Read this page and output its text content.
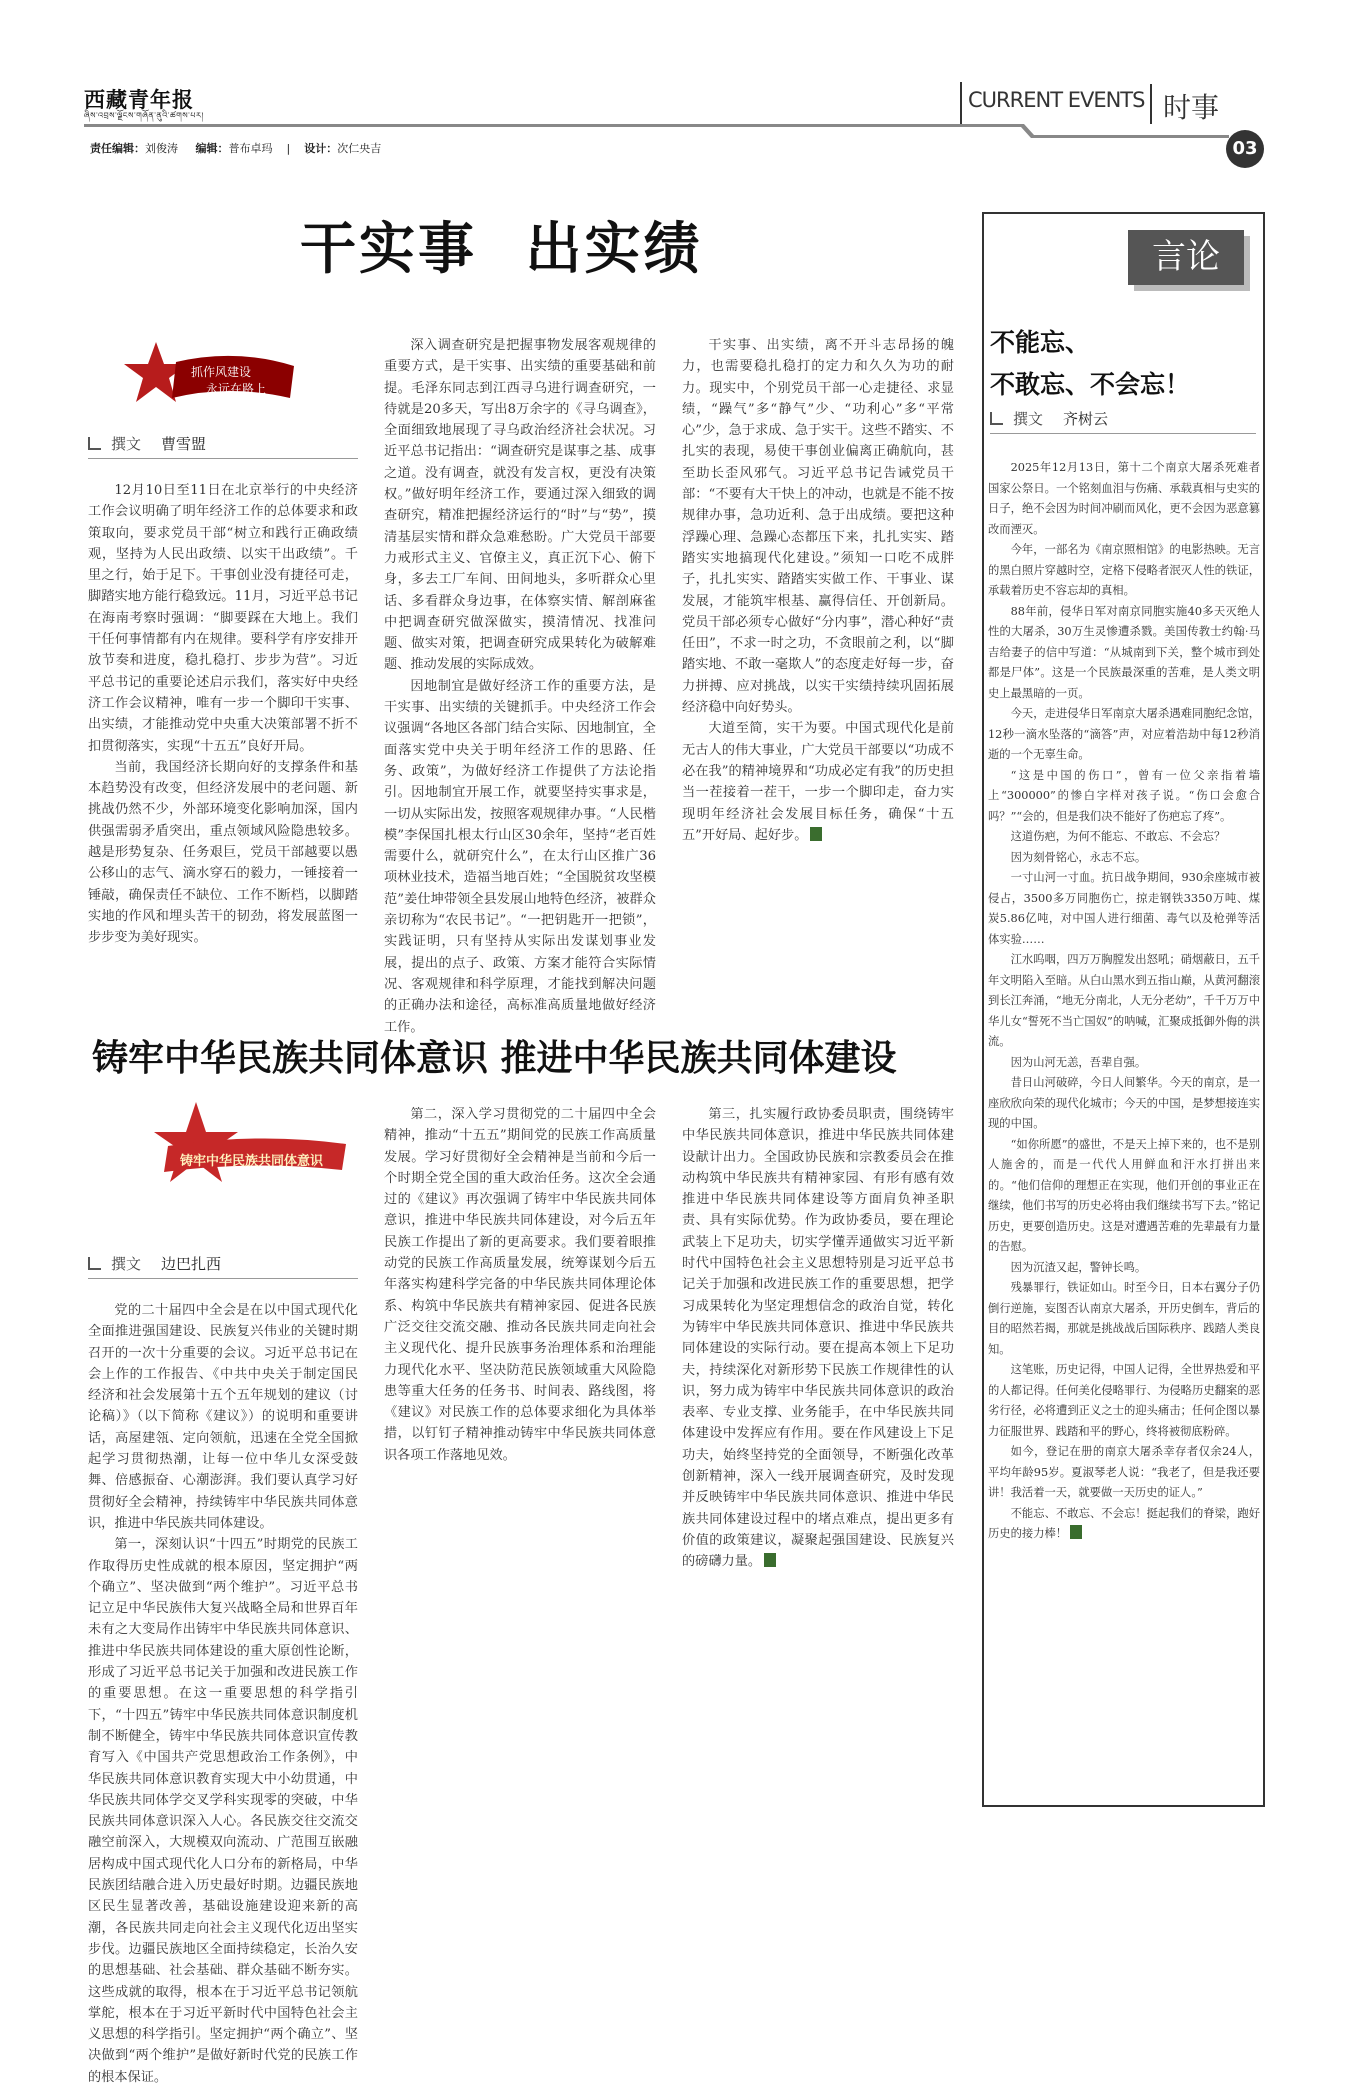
西藏青年报
ཞིས་འབྲས་ལྗོངས་གཞོན་ནུའི་ཚགས་པར།
CURRENT EVENTS 时事
责任编辑：刘俊涛 编辑：普布卓玛 | 设计：次仁央吉	03
干实事 出实绩
抓作风建设
永远在路上
撰文 曹雪盟

12月10日至11日在北京举行的中央经济工作会议明确了明年经济工作的总体要求和政策取向，要求党员干部“树立和践行正确政绩观，坚持为人民出政绩、以实干出政绩”。千里之行，始于足下。干事创业没有捷径可走，脚踏实地方能行稳致远。11月，习近平总书记在海南考察时强调：“脚要踩在大地上。我们干任何事情都有内在规律。要科学有序安排开放节奏和进度，稳扎稳打、步步为营”。习近平总书记的重要论述启示我们，落实好中央经济工作会议精神，唯有一步一个脚印干实事、出实绩，才能推动党中央重大决策部署不折不扣贯彻落实，实现“十五五”良好开局。

当前，我国经济长期向好的支撑条件和基本趋势没有改变，但经济发展中的老问题、新挑战仍然不少，外部环境变化影响加深，国内供强需弱矛盾突出，重点领域风险隐患较多。越是形势复杂、任务艰巨，党员干部越要以愚公移山的志气、滴水穿石的毅力，一锤接着一锤敲，确保责任不缺位、工作不断档，以脚踏实地的作风和埋头苦干的韧劲，将发展蓝图一步步变为美好现实。

深入调查研究是把握事物发展客观规律的重要方式，是干实事、出实绩的重要基础和前提。毛泽东同志到江西寻乌进行调查研究，一待就是20多天，写出8万余字的《寻乌调查》，全面细致地展现了寻乌政治经济社会状况。习近平总书记指出：“调查研究是谋事之基、成事之道。没有调查，就没有发言权，更没有决策权。”做好明年经济工作，要通过深入细致的调查研究，精准把握经济运行的“时”与“势”，摸清基层实情和群众急难愁盼。广大党员干部要力戒形式主义、官僚主义，真正沉下心、俯下身，多去工厂车间、田间地头，多听群众心里话、多看群众身边事，在体察实情、解剖麻雀中把调查研究做深做实，摸清情况、找准问题、做实对策，把调查研究成果转化为破解难题、推动发展的实际成效。

因地制宜是做好经济工作的重要方法，是干实事、出实绩的关键抓手。中央经济工作会议强调“各地区各部门结合实际、因地制宜，全面落实党中央关于明年经济工作的思路、任务、政策”，为做好经济工作提供了方法论指引。因地制宜开展工作，就要坚持实事求是，一切从实际出发，按照客观规律办事。“人民楷模”李保国扎根太行山区30余年，坚持“老百姓需要什么，就研究什么”，在太行山区推广36项林业技术，造福当地百姓；“全国脱贫攻坚模范”姜仕坤带领全县发展山地特色经济，被群众亲切称为“农民书记”。“一把钥匙开一把锁”，实践证明，只有坚持从实际出发谋划事业发展，提出的点子、政策、方案才能符合实际情况、客观规律和科学原理，才能找到解决问题的正确办法和途径，高标准高质量地做好经济工作。

干实事、出实绩，离不开斗志昂扬的魄力，也需要稳扎稳打的定力和久久为功的耐力。现实中，个别党员干部一心走捷径、求显绩，“躁气”多“静气”少、“功利心”多“平常心”少，急于求成、急于实干。这些不踏实、不扎实的表现，易使干事创业偏离正确航向，甚至助长歪风邪气。习近平总书记告诫党员干部：“不要有大干快上的冲动，也就是不能不按规律办事，急功近利、急于出成绩。要把这种浮躁心理、急躁心态都压下来，扎扎实实、踏踏实实地搞现代化建设。”须知一口吃不成胖子，扎扎实实、踏踏实实做工作、干事业、谋发展，才能筑牢根基、赢得信任、开创新局。党员干部必须专心做好“分内事”，潜心种好“责任田”，不求一时之功，不贪眼前之利，以“脚踏实地、不敢一毫欺人”的态度走好每一步，奋力拼搏、应对挑战，以实干实绩持续巩固拓展经济稳中向好势头。

大道至简，实干为要。中国式现代化是前无古人的伟大事业，广大党员干部要以“功成不必在我”的精神境界和“功成必定有我”的历史担当一茬接着一茬干，一步一个脚印走，奋力实现明年经济社会发展目标任务，确保“十五五”开好局、起好步。

铸牢中华民族共同体意识 推进中华民族共同体建设
铸牢中华民族共同体意识
撰文 边巴扎西

党的二十届四中全会是在以中国式现代化全面推进强国建设、民族复兴伟业的关键时期召开的一次十分重要的会议。习近平总书记在会上作的工作报告、《中共中央关于制定国民经济和社会发展第十五个五年规划的建议（讨论稿）》（以下简称《建议》）的说明和重要讲话，高屋建瓴、定向领航，迅速在全党全国掀起学习贯彻热潮，让每一位中华儿女深受鼓舞、倍感振奋、心潮澎湃。我们要认真学习好贯彻好全会精神，持续铸牢中华民族共同体意识，推进中华民族共同体建设。

第一，深刻认识“十四五”时期党的民族工作取得历史性成就的根本原因，坚定拥护“两个确立”、坚决做到“两个维护”。习近平总书记立足中华民族伟大复兴战略全局和世界百年未有之大变局作出铸牢中华民族共同体意识、推进中华民族共同体建设的重大原创性论断，形成了习近平总书记关于加强和改进民族工作的重要思想。在这一重要思想的科学指引下，“十四五”铸牢中华民族共同体意识制度机制不断健全，铸牢中华民族共同体意识宣传教育写入《中国共产党思想政治工作条例》，中华民族共同体意识教育实现大中小幼贯通，中华民族共同体学交叉学科实现零的突破，中华民族共同体意识深入人心。各民族交往交流交融空前深入，大规模双向流动、广范围互嵌融居构成中国式现代化人口分布的新格局，中华民族团结融合进入历史最好时期。边疆民族地区民生显著改善，基础设施建设迎来新的高潮，各民族共同走向社会主义现代化迈出坚实步伐。边疆民族地区全面持续稳定，长治久安的思想基础、社会基础、群众基础不断夯实。这些成就的取得，根本在于习近平总书记领航掌舵，根本在于习近平新时代中国特色社会主义思想的科学指引。坚定拥护“两个确立”、坚决做到“两个维护”是做好新时代党的民族工作的根本保证。

第二，深入学习贯彻党的二十届四中全会精神，推动“十五五”期间党的民族工作高质量发展。学习好贯彻好全会精神是当前和今后一个时期全党全国的重大政治任务。这次全会通过的《建议》再次强调了铸牢中华民族共同体意识，推进中华民族共同体建设，对今后五年民族工作提出了新的更高要求。我们要着眼推动党的民族工作高质量发展，统筹谋划今后五年落实构建科学完备的中华民族共同体理论体系、构筑中华民族共有精神家园、促进各民族广泛交往交流交融、推动各民族共同走向社会主义现代化、提升民族事务治理体系和治理能力现代化水平、坚决防范民族领域重大风险隐患等重大任务的任务书、时间表、路线图，将《建议》对民族工作的总体要求细化为具体举措，以钉钉子精神推动铸牢中华民族共同体意识各项工作落地见效。

第三，扎实履行政协委员职责，围绕铸牢中华民族共同体意识，推进中华民族共同体建设献计出力。全国政协民族和宗教委员会在推动构筑中华民族共有精神家园、有形有感有效推进中华民族共同体建设等方面肩负神圣职责、具有实际优势。作为政协委员，要在理论武装上下足功夫，切实学懂弄通做实习近平新时代中国特色社会主义思想特别是习近平总书记关于加强和改进民族工作的重要思想，把学习成果转化为坚定理想信念的政治自觉，转化为铸牢中华民族共同体意识、推进中华民族共同体建设的实际行动。要在提高本领上下足功夫，持续深化对新形势下民族工作规律性的认识，努力成为铸牢中华民族共同体意识的政治表率、专业支撑、业务能手，在中华民族共同体建设中发挥应有作用。要在作风建设上下足功夫，始终坚持党的全面领导，不断强化改革创新精神，深入一线开展调查研究，及时发现并反映铸牢中华民族共同体意识、推进中华民族共同体建设过程中的堵点难点，提出更多有价值的政策建议，凝聚起强国建设、民族复兴的磅礴力量。

言论
不能忘、
不敢忘、不会忘！
撰文 齐树云

2025年12月13日，第十二个南京大屠杀死难者国家公祭日。一个铭刻血泪与伤痛、承载真相与史实的日子，绝不会因为时间冲刷而风化，更不会因为恶意篡改而湮灭。

今年，一部名为《南京照相馆》的电影热映。无言的黑白照片穿越时空，定格下侵略者泯灭人性的铁证，承载着历史不容忘却的真相。

88年前，侵华日军对南京同胞实施40多天灭绝人性的大屠杀，30万生灵惨遭杀戮。美国传教士约翰·马吉给妻子的信中写道：“从城南到下关，整个城市到处都是尸体”。这是一个民族最深重的苦难，是人类文明史上最黑暗的一页。

今天，走进侵华日军南京大屠杀遇难同胞纪念馆，12秒一滴水坠落的“滴答”声，对应着浩劫中每12秒消逝的一个无辜生命。

“这是中国的伤口”，曾有一位父亲指着墙上“300000”的惨白字样对孩子说。“伤口会愈合吗？”“会的，但是我们决不能好了伤疤忘了疼”。

这道伤疤，为何不能忘、不敢忘、不会忘？

因为刻骨铭心，永志不忘。

一寸山河一寸血。抗日战争期间，930余座城市被侵占，3500多万同胞伤亡，掠走钢铁3350万吨、煤炭5.86亿吨，对中国人进行细菌、毒气以及枪弹等活体实验……

江水呜咽，四万万胸膛发出怒吼；硝烟蔽日，五千年文明陷入至暗。从白山黑水到五指山巅，从黄河翻滚到长江奔涌，“地无分南北，人无分老幼”，千千万万中华儿女“誓死不当亡国奴”的呐喊，汇聚成抵御外侮的洪流。

因为山河无恙，吾辈自强。

昔日山河破碎，今日人间繁华。今天的南京，是一座欣欣向荣的现代化城市；今天的中国，是梦想接连实现的中国。

“如你所愿”的盛世，不是天上掉下来的，也不是别人施舍的，而是一代代人用鲜血和汗水打拼出来的。“他们信仰的理想正在实现，他们开创的事业正在继续，他们书写的历史必将由我们继续书写下去。”铭记历史，更要创造历史。这是对遭遇苦难的先辈最有力量的告慰。

因为沉渣又起，警钟长鸣。

残暴罪行，铁证如山。时至今日，日本右翼分子仍倒行逆施，妄图否认南京大屠杀，开历史倒车，背后的目的昭然若揭，那就是挑战战后国际秩序、践踏人类良知。

这笔账，历史记得，中国人记得，全世界热爱和平的人都记得。任何美化侵略罪行、为侵略历史翻案的恶劣行径，必将遭到正义之士的迎头痛击；任何企图以暴力征服世界、践踏和平的野心，终将被彻底粉碎。

如今，登记在册的南京大屠杀幸存者仅余24人，平均年龄95岁。夏淑琴老人说：“我老了，但是我还要讲！我活着一天，就要做一天历史的证人。”

不能忘、不敢忘、不会忘！挺起我们的脊梁，跑好历史的接力棒！
